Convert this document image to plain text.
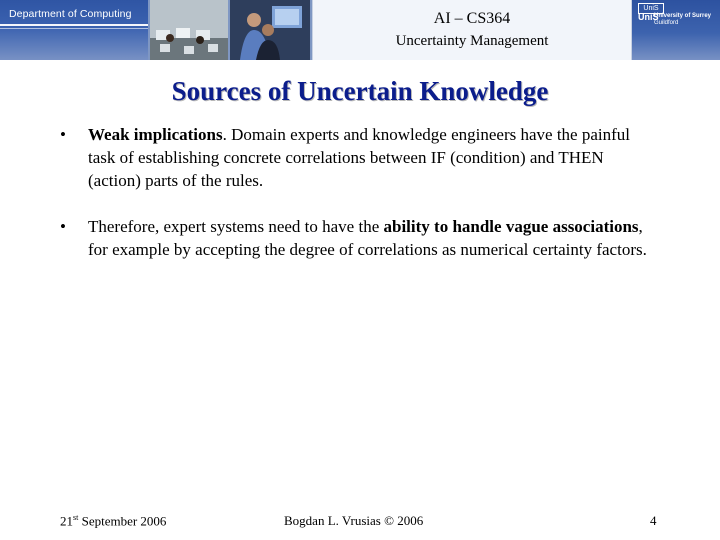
Department of Computing	AI – CS364
Uncertainty Management
UniS
UniS
University of Surrey
Guildford
Sources of Uncertain Knowledge
• Weak implications. Domain experts and knowledge engineers have the painful task of establishing concrete correlations between IF (condition) and THEN (action) parts of the rules.
• Therefore, expert systems need to have the ability to handle vague associations, for example by accepting the degree of correlations as numerical certainty factors.
21st September 2006	Bogdan L. Vrusias © 2006	4
